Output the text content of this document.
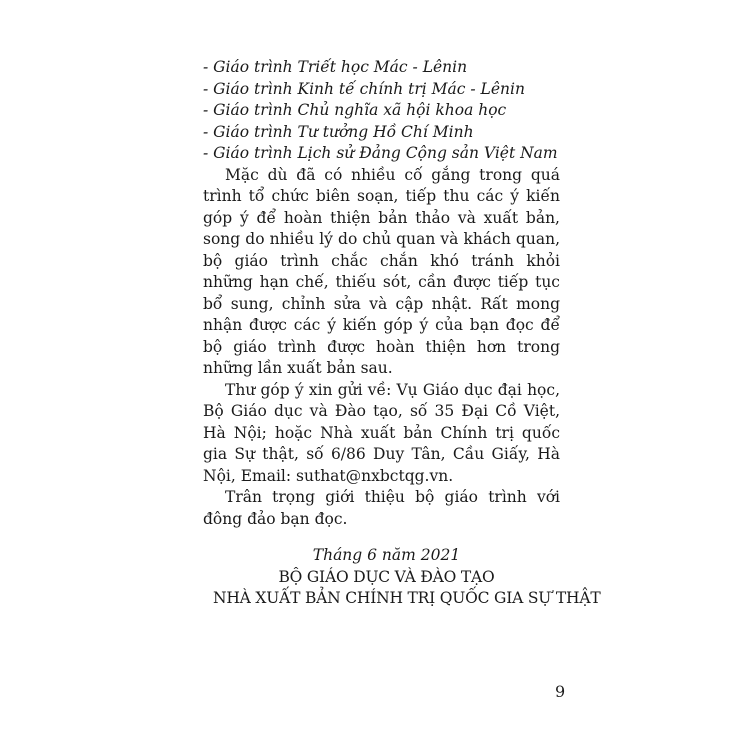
- Giáo trình Triết học Mác - Lênin
- Giáo trình Kinh tế chính trị Mác - Lênin
- Giáo trình Chủ nghĩa xã hội khoa học
- Giáo trình Tư tưởng Hồ Chí Minh
- Giáo trình Lịch sử Đảng Cộng sản Việt Nam

Mặc dù đã có nhiều cố gắng trong quá trình tổ chức biên soạn, tiếp thu các ý kiến góp ý để hoàn thiện bản thảo và xuất bản, song do nhiều lý do chủ quan và khách quan, bộ giáo trình chắc chắn khó tránh khỏi những hạn chế, thiếu sót, cần được tiếp tục bổ sung, chỉnh sửa và cập nhật. Rất mong nhận được các ý kiến góp ý của bạn đọc để bộ giáo trình được hoàn thiện hơn trong những lần xuất bản sau.

Thư góp ý xin gửi về: Vụ Giáo dục đại học, Bộ Giáo dục và Đào tạo, số 35 Đại Cồ Việt, Hà Nội; hoặc Nhà xuất bản Chính trị quốc gia Sự thật, số 6/86 Duy Tân, Cầu Giấy, Hà Nội, Email: suthat@nxbctqg.vn.

Trân trọng giới thiệu bộ giáo trình với đông đảo bạn đọc.

Tháng 6 năm 2021
BỘ GIÁO DỤC VÀ ĐÀO TẠO
NHÀ XUẤT BẢN CHÍNH TRỊ QUỐC GIA SỰ THẬT
9
